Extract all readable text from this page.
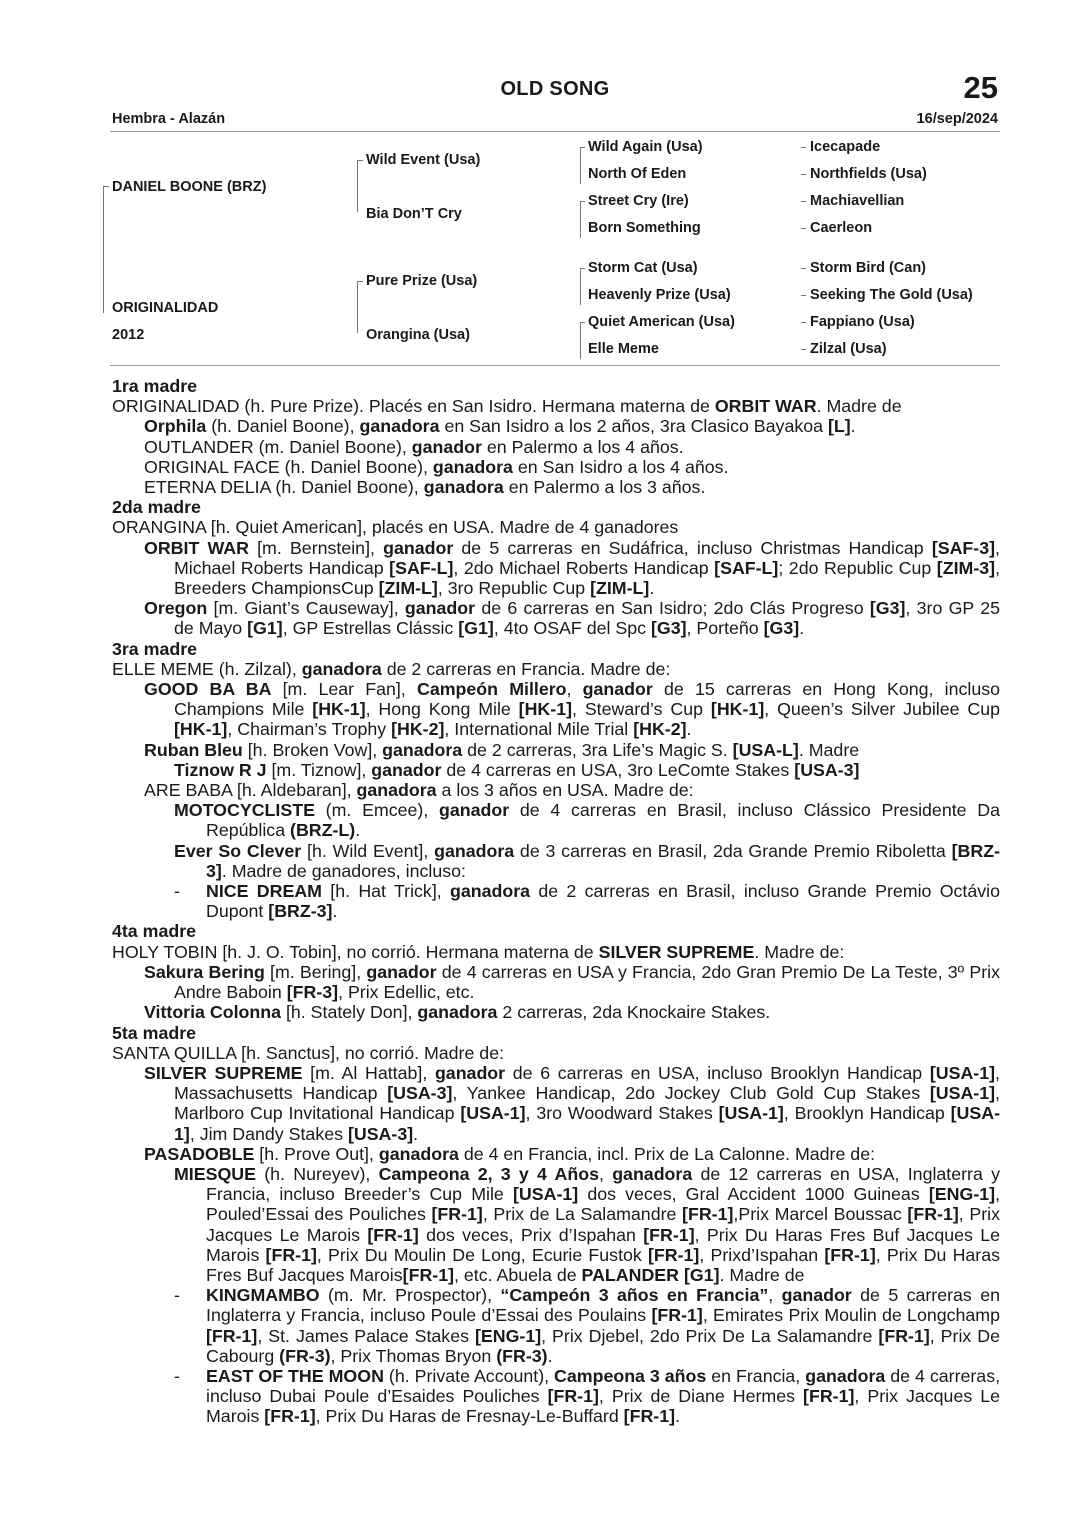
OLD SONG	25
Hembra - Alazán	16/sep/2024
DANIEL BOONE (BRZ)
ORIGINALIDAD
2012
Wild Event (Usa)
Bia Don’T Cry
Pure Prize (Usa)
Orangina (Usa)
Wild Again (Usa)
North Of Eden
Street Cry (Ire)
Born Something
Storm Cat (Usa)
Heavenly Prize (Usa)
Quiet American (Usa)
Elle Meme
Icecapade
Northfields (Usa)
Machiavellian
Caerleon
Storm Bird (Can)
Seeking The Gold (Usa)
Fappiano (Usa)
Zilzal (Usa)

1ra madre

ORIGINALIDAD (h. Pure Prize). Placés en San Isidro. Hermana materna de ORBIT WAR. Madre de

Orphila (h. Daniel Boone), ganadora en San Isidro a los 2 años, 3ra Clasico Bayakoa [L].

OUTLANDER (m. Daniel Boone), ganador en Palermo a los 4 años.

ORIGINAL FACE (h. Daniel Boone), ganadora en San Isidro a los 4 años.

ETERNA DELIA (h. Daniel Boone), ganadora en Palermo a los 3 años.

2da madre

ORANGINA [h. Quiet American], placés en USA. Madre de 4 ganadores

ORBIT WAR [m. Bernstein], ganador de 5 carreras en Sudáfrica, incluso Christmas Handicap [SAF-3], Michael Roberts Handicap [SAF-L], 2do Michael Roberts Handicap [SAF-L]; 2do Republic Cup [ZIM-3], Breeders ChampionsCup [ZIM-L], 3ro Republic Cup [ZIM-L].

Oregon [m. Giant’s Causeway], ganador de 6 carreras en San Isidro; 2do Clás Progreso [G3], 3ro GP 25 de Mayo [G1], GP Estrellas Clássic [G1], 4to OSAF del Spc [G3], Porteño [G3].

3ra madre

ELLE MEME (h. Zilzal), ganadora de 2 carreras en Francia. Madre de:

GOOD BA BA [m. Lear Fan], Campeón Millero, ganador de 15 carreras en Hong Kong, incluso Champions Mile [HK-1], Hong Kong Mile [HK-1], Steward’s Cup [HK-1], Queen’s Silver Jubilee Cup [HK-1], Chairman’s Trophy [HK-2], International Mile Trial [HK-2].

Ruban Bleu [h. Broken Vow], ganadora de 2 carreras, 3ra Life’s Magic S. [USA-L]. Madre

Tiznow R J [m. Tiznow], ganador de 4 carreras en USA, 3ro LeComte Stakes [USA-3]

ARE BABA [h. Aldebaran], ganadora a los 3 años en USA. Madre de:

MOTOCYCLISTE (m. Emcee), ganador de 4 carreras en Brasil, incluso Clássico Presidente Da República (BRZ-L).

Ever So Clever [h. Wild Event], ganadora de 3 carreras en Brasil, 2da Grande Premio Riboletta [BRZ-3]. Madre de ganadores, incluso:

- NICE DREAM [h. Hat Trick], ganadora de 2 carreras en Brasil, incluso Grande Premio Octávio Dupont [BRZ-3].

4ta madre

HOLY TOBIN [h. J. O. Tobin], no corrió. Hermana materna de SILVER SUPREME. Madre de:

Sakura Bering [m. Bering], ganador de 4 carreras en USA y Francia, 2do Gran Premio De La Teste, 3º Prix Andre Baboin [FR-3], Prix Edellic, etc.

Vittoria Colonna [h. Stately Don], ganadora 2 carreras, 2da Knockaire Stakes.

5ta madre

SANTA QUILLA [h. Sanctus], no corrió. Madre de:

SILVER SUPREME [m. Al Hattab], ganador de 6 carreras en USA, incluso Brooklyn Handicap [USA-1], Massachusetts Handicap [USA-3], Yankee Handicap, 2do Jockey Club Gold Cup Stakes [USA-1], Marlboro Cup Invitational Handicap [USA-1], 3ro Woodward Stakes [USA-1], Brooklyn Handicap [USA-1], Jim Dandy Stakes [USA-3].

PASADOBLE [h. Prove Out], ganadora de 4 en Francia, incl. Prix de La Calonne. Madre de:

MIESQUE (h. Nureyev), Campeona 2, 3 y 4 Años, ganadora de 12 carreras en USA, Inglaterra y Francia, incluso Breeder’s Cup Mile [USA-1] dos veces, Gral Accident 1000 Guineas [ENG-1], Pouled’Essai des Pouliches [FR-1], Prix de La Salamandre [FR-1],Prix Marcel Boussac [FR-1], Prix Jacques Le Marois [FR-1] dos veces, Prix d’Ispahan [FR-1], Prix Du Haras Fres Buf Jacques Le Marois [FR-1], Prix Du Moulin De Long, Ecurie Fustok [FR-1], Prixd’Ispahan [FR-1], Prix Du Haras Fres Buf Jacques Marois[FR-1], etc. Abuela de PALANDER [G1]. Madre de

- KINGMAMBO (m. Mr. Prospector), “Campeón 3 años en Francia”, ganador de 5 carreras en Inglaterra y Francia, incluso Poule d’Essai des Poulains [FR-1], Emirates Prix Moulin de Longchamp [FR-1], St. James Palace Stakes [ENG-1], Prix Djebel, 2do Prix De La Salamandre [FR-1], Prix De Cabourg (FR-3), Prix Thomas Bryon (FR-3).

- EAST OF THE MOON (h. Private Account), Campeona 3 años en Francia, ganadora de 4 carreras, incluso Dubai Poule d’Esaides Pouliches [FR-1], Prix de Diane Hermes [FR-1], Prix Jacques Le Marois [FR-1], Prix Du Haras de Fresnay-Le-Buffard [FR-1].
